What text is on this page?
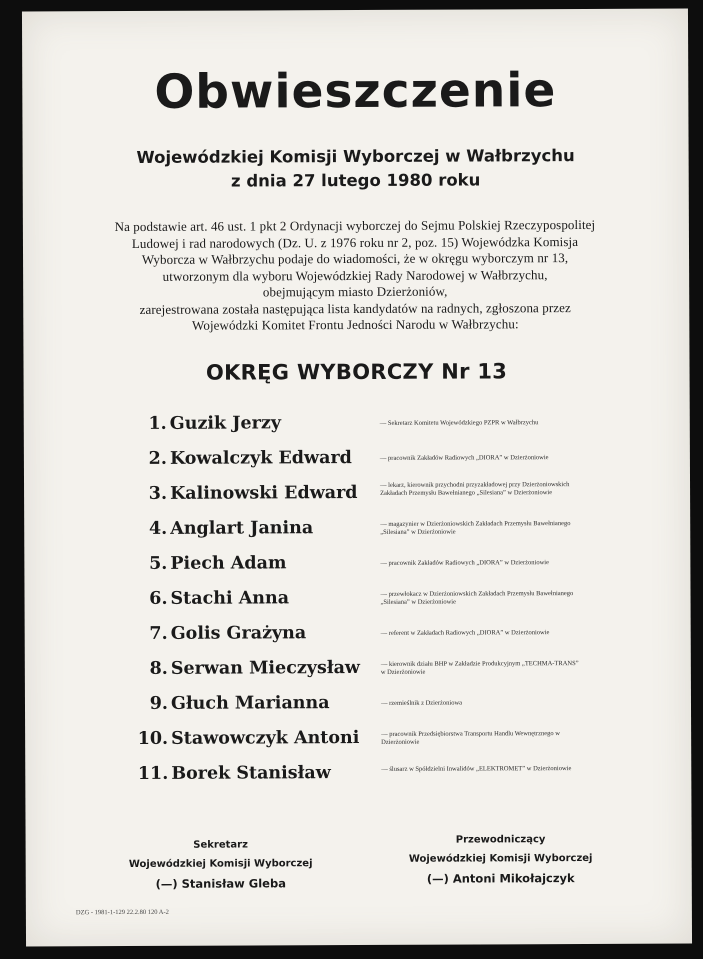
Obwieszczenie
Wojewódzkiej Komisji Wyborczej w Wałbrzychu
z dnia 27 lutego 1980 roku
Na podstawie art. 46 ust. 1 pkt 2 Ordynacji wyborczej do Sejmu Polskiej Rzeczypospolitej
Ludowej i rad narodowych (Dz. U. z 1976 roku nr 2, poz. 15) Wojewódzka Komisja
Wyborcza w Wałbrzychu podaje do wiadomości, że w okręgu wyborczym nr 13,
utworzonym dla wyboru Wojewódzkiej Rady Narodowej w Wałbrzychu,
obejmującym miasto Dzierżoniów,
zarejestrowana została następująca lista kandydatów na radnych, zgłoszona przez
Wojewódzki Komitet Frontu Jedności Narodu w Wałbrzychu:
OKRĘG WYBORCZY Nr 13
1. Guzik Jerzy	— Sekretarz Komitetu Wojewódzkiego PZPR w Wałbrzychu
2. Kowalczyk Edward	— pracownik Zakładów Radiowych „DIORA” w Dzierżoniowie
3. Kalinowski Edward	— lekarz, kierownik przychodni przyzakładowej przy Dzierżoniowskich Zakładach Przemysłu Bawełnianego „Silesiana” w Dzierżoniowie
4. Anglart Janina	— magazynier w Dzierżoniowskich Zakładach Przemysłu Bawełnianego „Silesiana” w Dzierżoniowie
5. Piech Adam	— pracownik Zakładów Radiowych „DIORA” w Dzierżoniowie
6. Stachi Anna	— przewłokacz w Dzierżoniowskich Zakładach Przemysłu Bawełnianego „Silesiana” w Dzierżoniowie
7. Golis Grażyna	— referent w Zakładach Radiowych „DIORA” w Dzierżoniowie
8. Serwan Mieczysław	— kierownik działu BHP w Zakładzie Produkcyjnym „TECHMA-TRANS” w Dzierżoniowie
9. Głuch Marianna	— rzemieślnik z Dzierżoniowa
10. Stawowczyk Antoni	— pracownik Przedsiębiorstwa Transportu Handlu Wewnętrznego w Dzierżoniowie
11. Borek Stanisław	— ślusarz w Spółdzielni Inwalidów „ELEKTROMET” w Dzierżoniowie
Sekretarz
Wojewódzkiej Komisji Wyborczej
(—) Stanisław Gleba
Przewodniczący
Wojewódzkiej Komisji Wyborczej
(—) Antoni Mikołajczyk
DZG - 1981-1-129 22.2.80 120 A-2
